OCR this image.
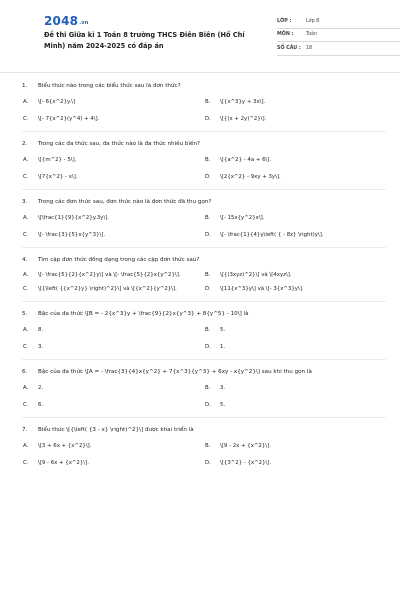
2048.vn
Đề thi Giữa kì 1 Toán 8 trường THCS Điên Biên (Hồ Chí Minh) năm 2024-2025 có đáp án
LỚP :	Lớp 8
MÔN :	Toán
SỐ CÂU :	18
1.	Biểu thức nào trong các biểu thức sau là đơn thức?
A.	\[- 6{x^2}y.\]	B.	\[{x^3}y + 3x\].
C.	\[- 7{x^2}(y^4) + 4\].	D.	\[{(x + 2y)^2}\].
2.	Trong các đa thức sau, đa thức nào là đa thức nhiều biến?
A.	\[{m^2} - 5\].	B.	\[{a^2} - 4a + 6\].
C.	\[7{x^2} - x\].	D.	\[2{x^2} - 9xy + 3y\].
3.	Trong các đơn thức sau, đơn thức nào là đơn thức đã thu gọn?
A.	\[\frac{1}{9}{x^2}y.3y\].	B.	\[- 15x{y^2}x\].
C.	\[- \frac{3}{5}x{y^3}\].	D.	\[- \frac{1}{4}y\left( { - 8z} \right)y\].
4.	Tìm cặp đơn thức đồng dạng trong các cặp đơn thức sau?
A.	\[- \frac{5}{2}{x^2}y\] và \[- \frac{5}{2}x{y^2}\].	B.	\[{(3xyz)^2}\] và \[4xyz\].
C.	\[{\left( {{x^2}y} \right)^2}\] và \[{x^2}{y^2}\].	D.	\[11{x^3}y\] và \[- 3{x^3}y\].
5.	Bậc của đa thức \[B = - 2{x^3}y + \frac{9}{2}x{y^3} + 8{y^5} - 10\] là
A.	8.	B.	5.
C.	3.	D.	1.
6.	Bậc của đa thức \[A = - \frac{3}{4}x{y^2} + 7{x^3}{y^3} + 6xy - x{y^2}\] sau khi thu gọn là
A.	2.	B.	3.
C.	6.	D.	5.
7.	Biểu thức \[{\left( {3 - x} \right)^2}\] được khai triển là
A.	\[3 + 6x + {x^2}\].	B.	\[9 - 2x + {x^2}\].
C.	\[9 - 6x + {x^2}\].	D.	\[{3^2} - {x^2}\].
